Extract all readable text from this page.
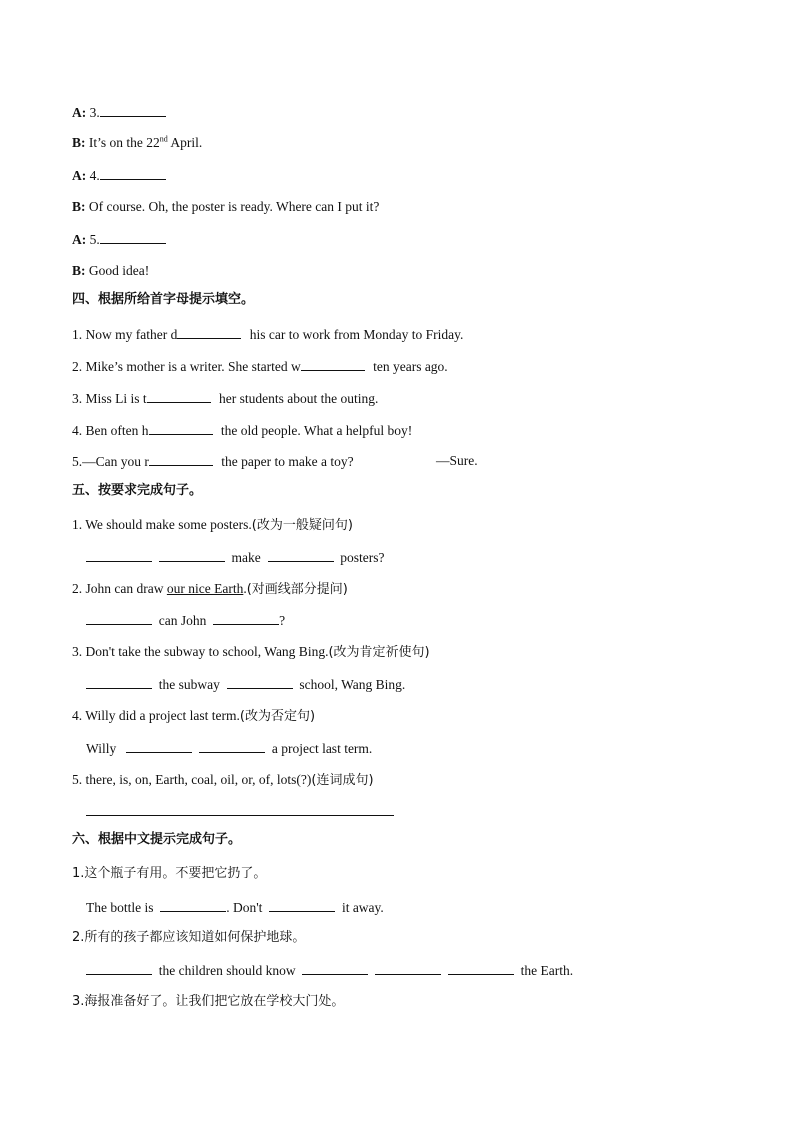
A: 3.
B: It’s on the 22nd April.
A: 4.
B: Of course. Oh, the poster is ready. Where can I put it?
A: 5.
B: Good idea!
四、根据所给首字母提示填空。
1. Now my father d	his car to work from Monday to Friday.
2. Mike’s mother is a writer. She started w	ten years ago.
3. Miss Li is t	her students about the outing.
4. Ben often h	the old people. What a helpful boy!
5.—Can you r	the paper to make a toy?	—Sure.
五、按要求完成句子。
1. We should make some posters.(改为一般疑问句)
make	posters?
2. John can draw our nice Earth.(对画线部分提问)
can John	?
3. Don't take the subway to school, Wang Bing.(改为肯定祈使句)
the subway	school, Wang Bing.
4. Willy did a project last term.(改为否定句)
Willy	a project last term.
5. there, is, on, Earth, coal, oil, or, of, lots(?)(连词成句)
六、根据中文提示完成句子。
1.这个瓶子有用。不要把它扔了。
The bottle is	. Don't	it away.
2.所有的孩子都应该知道如何保护地球。
the children should know	the Earth.
3.海报准备好了。让我们把它放在学校大门处。
